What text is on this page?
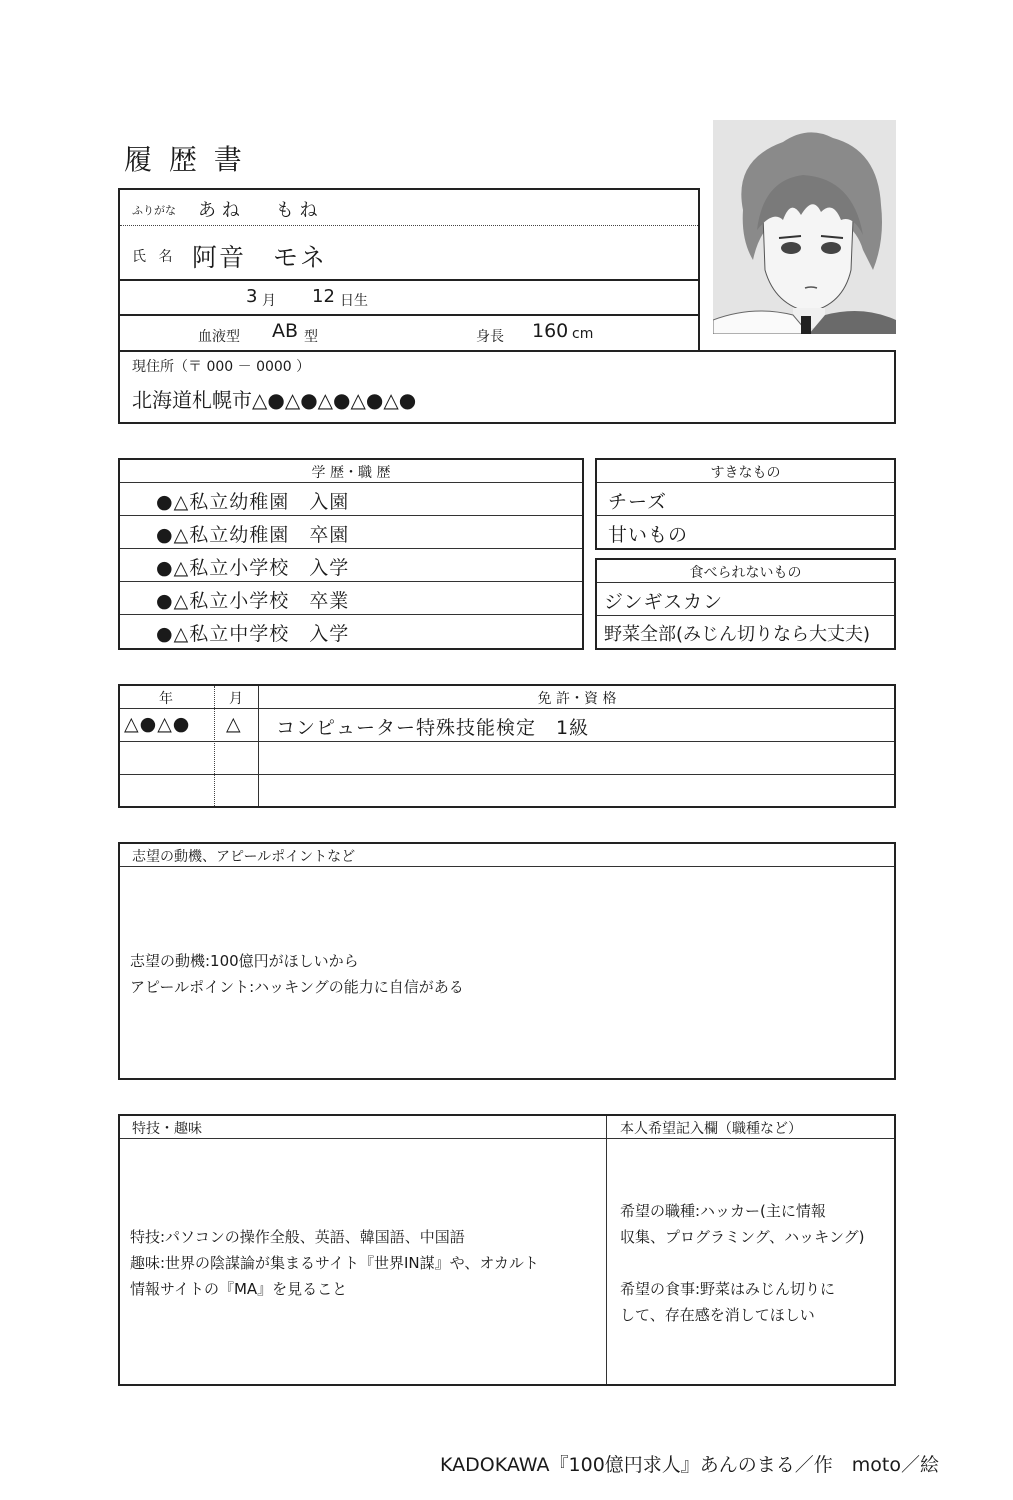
履 歴 書
ふりがな あ ね　　も ね
氏 名 阿音　モネ
3 月 12 日生
血液型 AB 型	身長 160 cm
現住所（〒 000 － 0000 ）
北海道札幌市△●△●△●△●△●
学 歴・職 歴
●△私立幼稚園　入園
●△私立幼稚園　卒園
●△私立小学校　入学
●△私立小学校　卒業
●△私立中学校　入学
すきなもの
チーズ
甘いもの
食べられないもの
ジンギスカン
野菜全部(みじん切りなら大丈夫)
年	月	免 許・資 格
△●△● △ コンピューター特殊技能検定　1級
志望の動機、アピールポイントなど
志望の動機:100億円がほしいから
アピールポイント:ハッキングの能力に自信がある
特技・趣味	本人希望記入欄（職種など）
特技:パソコンの操作全般、英語、韓国語、中国語
趣味:世界の陰謀論が集まるサイト『世界IN謀』や、オカルト
情報サイトの『MA』を見ること
希望の職種:ハッカー(主に情報
収集、プログラミング、ハッキング)
希望の食事:野菜はみじん切りに
して、存在感を消してほしい
KADOKAWA『100億円求人』あんのまる／作　moto／絵
